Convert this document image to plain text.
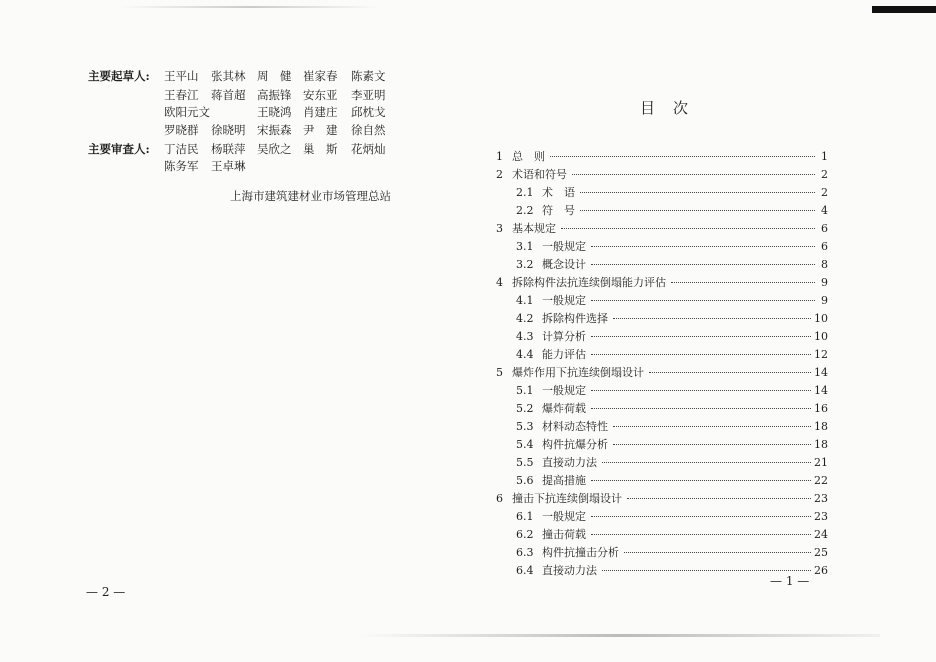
主要起草人: 王平山 张其林 周　健 崔家春 陈素文
王春江 蒋首超 高振锋 安东亚 李亚明
欧阳元文	王晓鸿 肖建庄 邱枕戈
罗晓群 徐晓明 宋振森 尹　建 徐自然
主要审查人: 丁洁民 杨联萍 吴欣之 巢　斯 花炳灿
陈务军 王卓琳
上海市建筑建材业市场管理总站
— 2 —
目次
1 总　则	1
2 术语和符号	2
2.1 术　语	2
2.2 符　号	4
3 基本规定	6
3.1 一般规定	6
3.2 概念设计	8
4 拆除构件法抗连续倒塌能力评估	9
4.1 一般规定	9
4.2 拆除构件选择	10
4.3 计算分析	10
4.4 能力评估	12
5 爆炸作用下抗连续倒塌设计	14
5.1 一般规定	14
5.2 爆炸荷载	16
5.3 材料动态特性	18
5.4 构件抗爆分析	18
5.5 直接动力法	21
5.6 提高措施	22
6 撞击下抗连续倒塌设计	23
6.1 一般规定	23
6.2 撞击荷载	24
6.3 构件抗撞击分析	25
6.4 直接动力法	26
— 1 —
